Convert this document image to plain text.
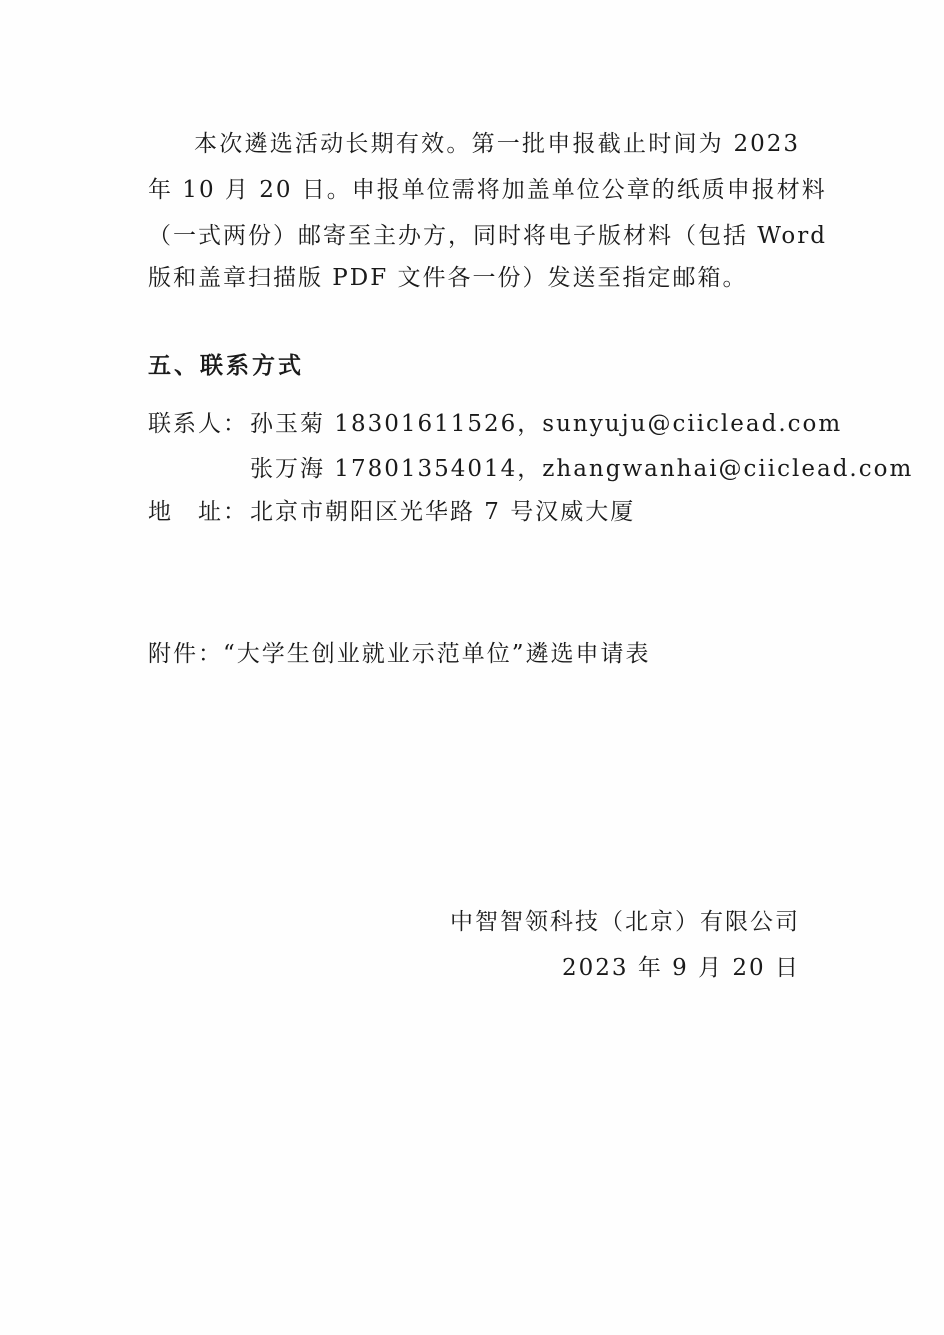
本次遴选活动长期有效。第一批申报截止时间为 2023
年 10 月 20 日。申报单位需将加盖单位公章的纸质申报材料
（一式两份）邮寄至主办方，同时将电子版材料（包括 Word
版和盖章扫描版 PDF 文件各一份）发送至指定邮箱。
五、联系方式
联系人： 孙玉菊 18301611526，sunyuju@ciiclead.com
张万海 17801354014，zhangwanhai@ciiclead.com
地　址： 北京市朝阳区光华路 7 号汉威大厦
附件：“大学生创业就业示范单位”遴选申请表
中智智领科技（北京）有限公司
2023 年 9 月 20 日
